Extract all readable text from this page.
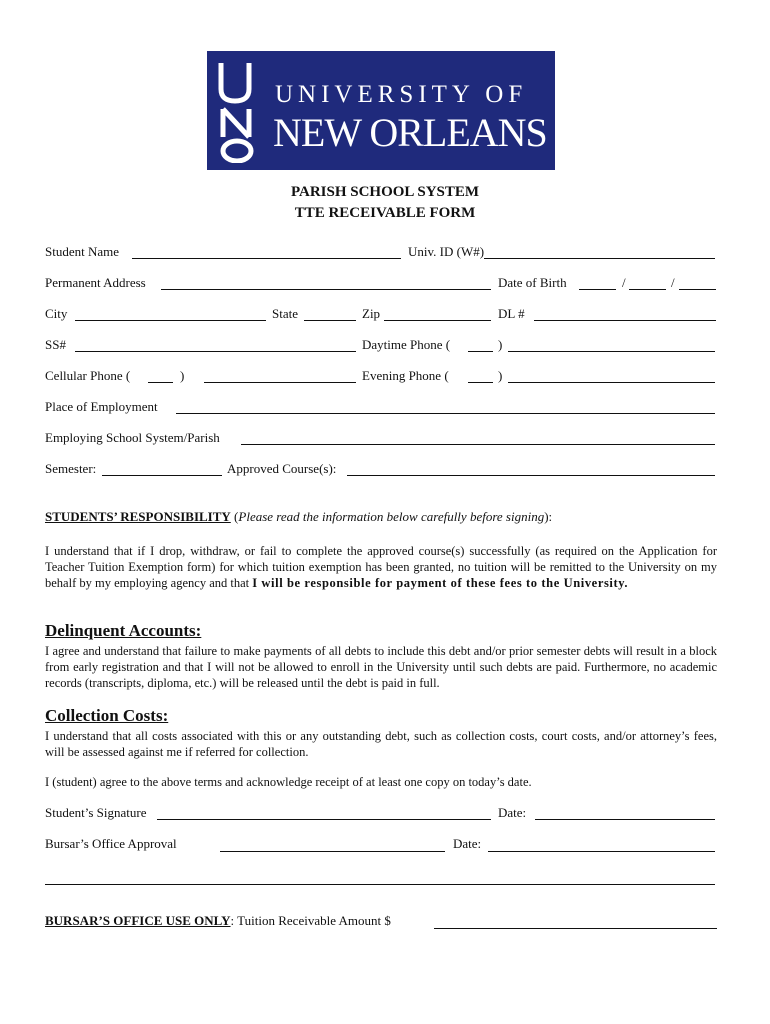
UNIVERSITY OF
NEW ORLEANS
PARISH SCHOOL SYSTEM
TTE RECEIVABLE FORM
Student Name	Univ. ID (W#)
Permanent Address	Date of Birth	/	/
City	State	Zip	DL #
SS#	Daytime Phone (	)
Cellular Phone (	)	Evening Phone (	)
Place of Employment
Employing School System/Parish
Semester:	Approved Course(s):
STUDENTS’ RESPONSIBILITY (Please read the information below carefully before signing):
I understand that if I drop, withdraw, or fail to complete the approved course(s) successfully (as required on the Application for Teacher Tuition Exemption form) for which tuition exemption has been granted, no tuition will be remitted to the University on my behalf by my employing agency and that I will be responsible for payment of these fees to the University.
Delinquent Accounts:
I agree and understand that failure to make payments of all debts to include this debt and/or prior semester debts will result in a block from early registration and that I will not be allowed to enroll in the University until such debts are paid. Furthermore, no academic records (transcripts, diploma, etc.) will be released until the debt is paid in full.
Collection Costs:
I understand that all costs associated with this or any outstanding debt, such as collection costs, court costs, and/or attorney’s fees, will be assessed against me if referred for collection.
I (student) agree to the above terms and acknowledge receipt of at least one copy on today’s date.
Student’s Signature	Date:
Bursar’s Office Approval	Date:
BURSAR’S OFFICE USE ONLY: Tuition Receivable Amount $
